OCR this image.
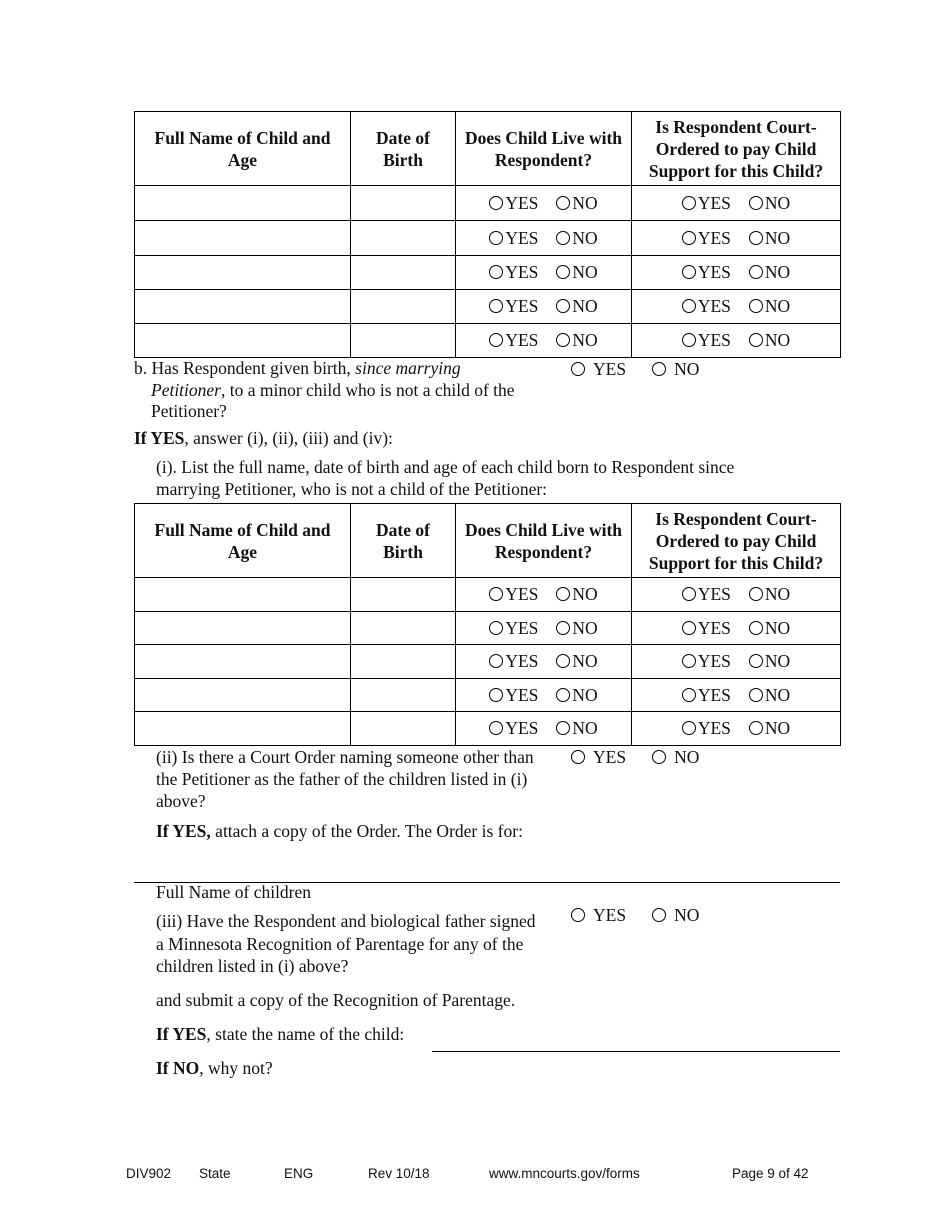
Full Name of Child and Age	Date of Birth	Does Child Live with Respondent?	Is Respondent Court-Ordered to pay Child Support for this Child?
		YES NO	YES NO
		YES NO	YES NO
		YES NO	YES NO
		YES NO	YES NO
		YES NO	YES NO
b. Has Respondent given birth, since marrying
Petitioner, to a minor child who is not a child of the
Petitioner?
YES	NO
If YES, answer (i), (ii), (iii) and (iv):
(i). List the full name, date of birth and age of each child born to Respondent since
marrying Petitioner, who is not a child of the Petitioner:
Full Name of Child and Age	Date of Birth	Does Child Live with Respondent?	Is Respondent Court-Ordered to pay Child Support for this Child?
		YES NO	YES NO
		YES NO	YES NO
		YES NO	YES NO
		YES NO	YES NO
		YES NO	YES NO
(ii) Is there a Court Order naming someone other than
the Petitioner as the father of the children listed in (i)
above?
YES	NO
If YES, attach a copy of the Order. The Order is for:
Full Name of children
(iii) Have the Respondent and biological father signed
a Minnesota Recognition of Parentage for any of the
children listed in (i) above?
YES	NO
and submit a copy of the Recognition of Parentage.
If YES, state the name of the child:
If NO, why not?
DIV902 State	ENG	Rev 10/18	www.mncourts.gov/forms	Page 9 of 42
